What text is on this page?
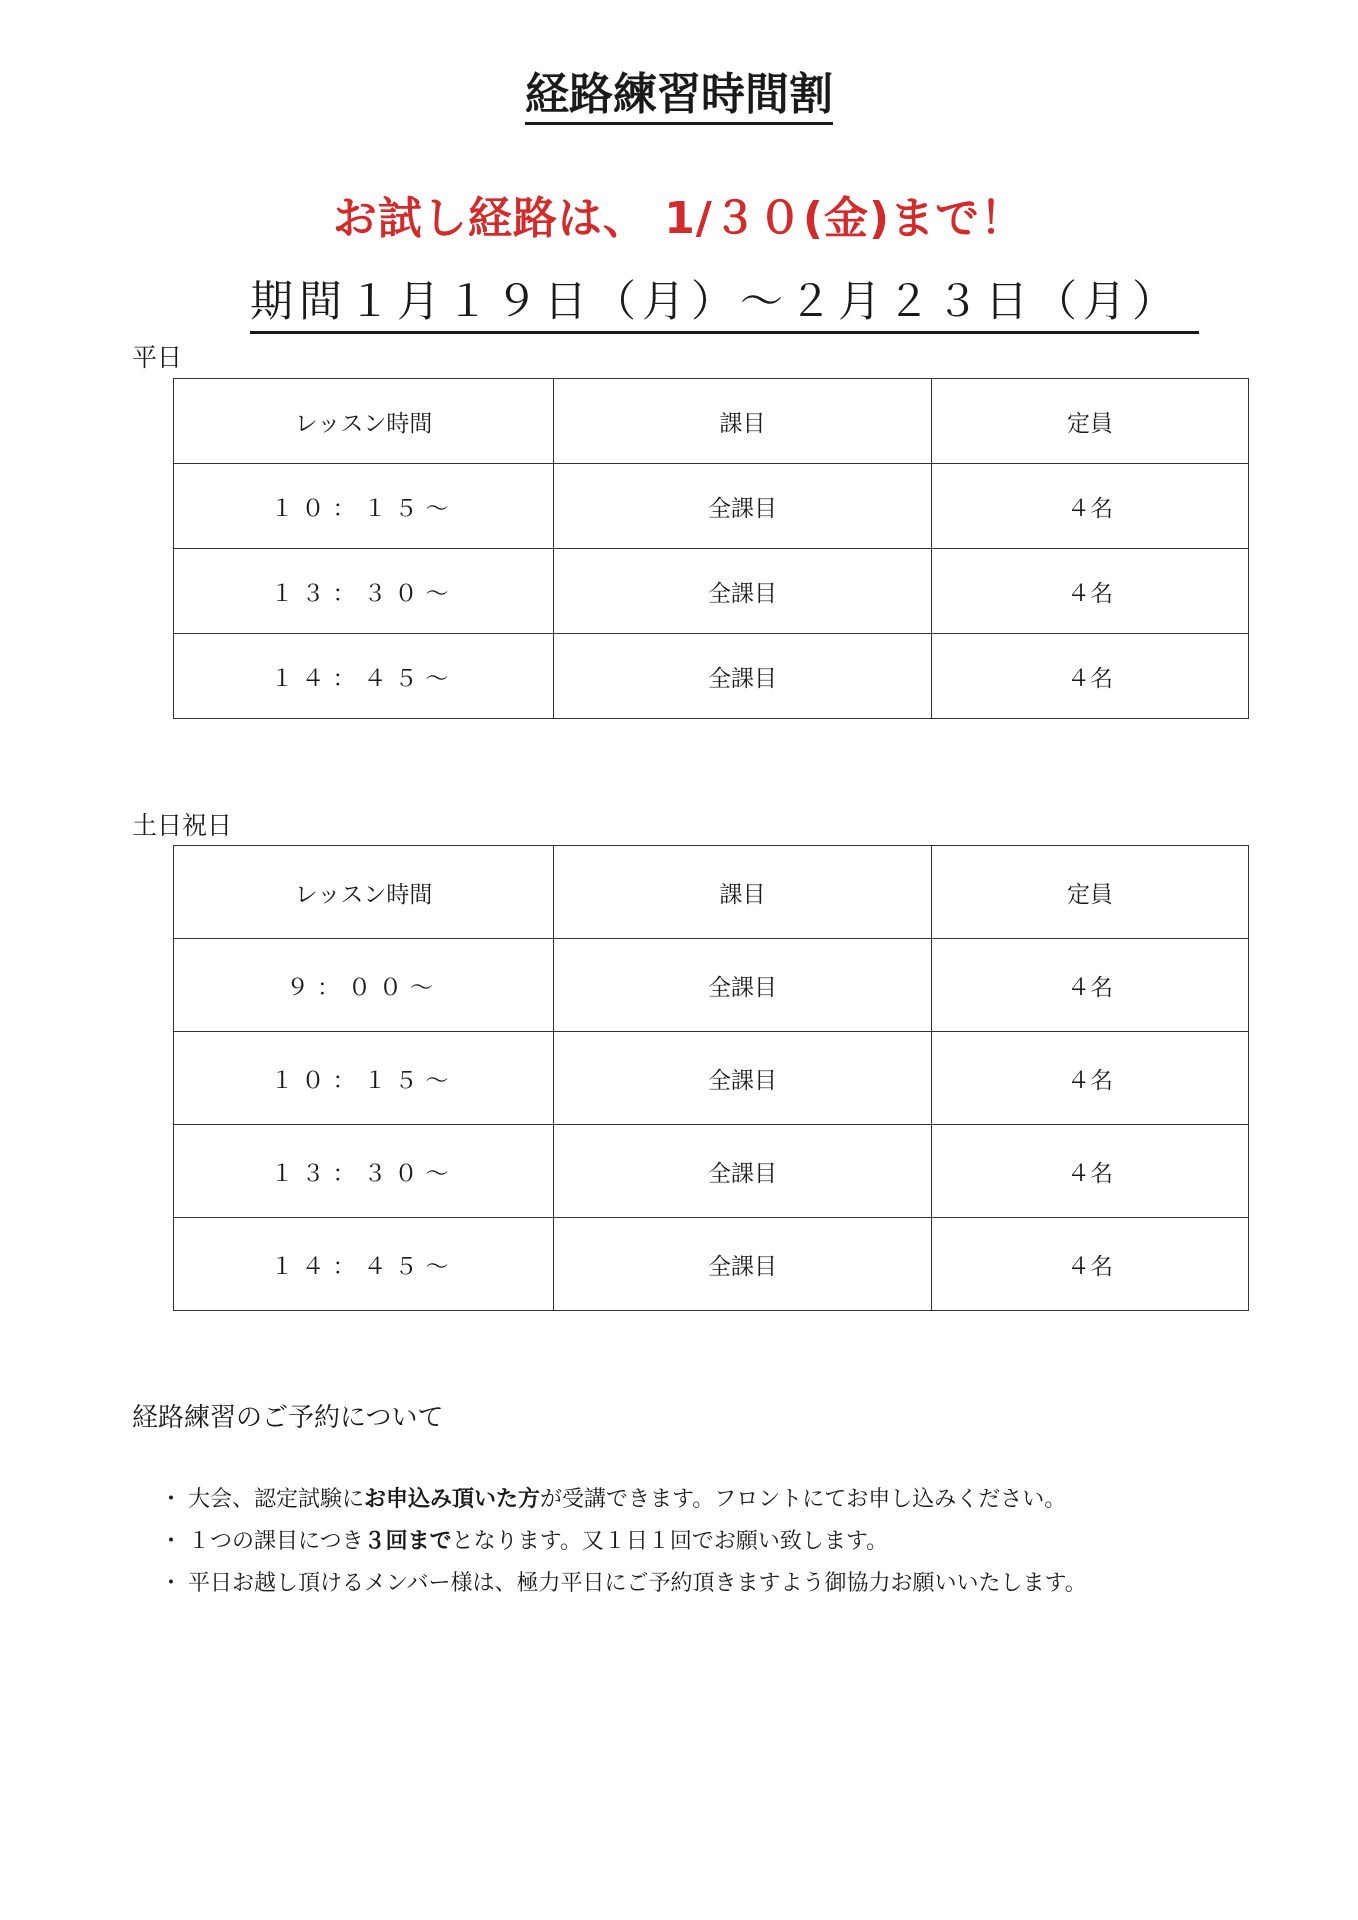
経路練習時間割
お試し経路は、 1/３０(金)まで！
期間１月１９日（月）～２月２３日（月）
平日
レッスン時間	課目	定員
１０：１５～	全課目	４名
１３：３０～	全課目	４名
１４：４５～	全課目	４名
土日祝日
レッスン時間	課目	定員
９：００～	全課目	４名
１０：１５～	全課目	４名
１３：３０～	全課目	４名
１４：４５～	全課目	４名
経路練習のご予約について
・ 大会、認定試験にお申込み頂いた方が受講できます。フロントにてお申し込みください。
・ １つの課目につき３回までとなります。又１日１回でお願い致します。
・ 平日お越し頂けるメンバー様は、極力平日にご予約頂きますよう御協力お願いいたします。
